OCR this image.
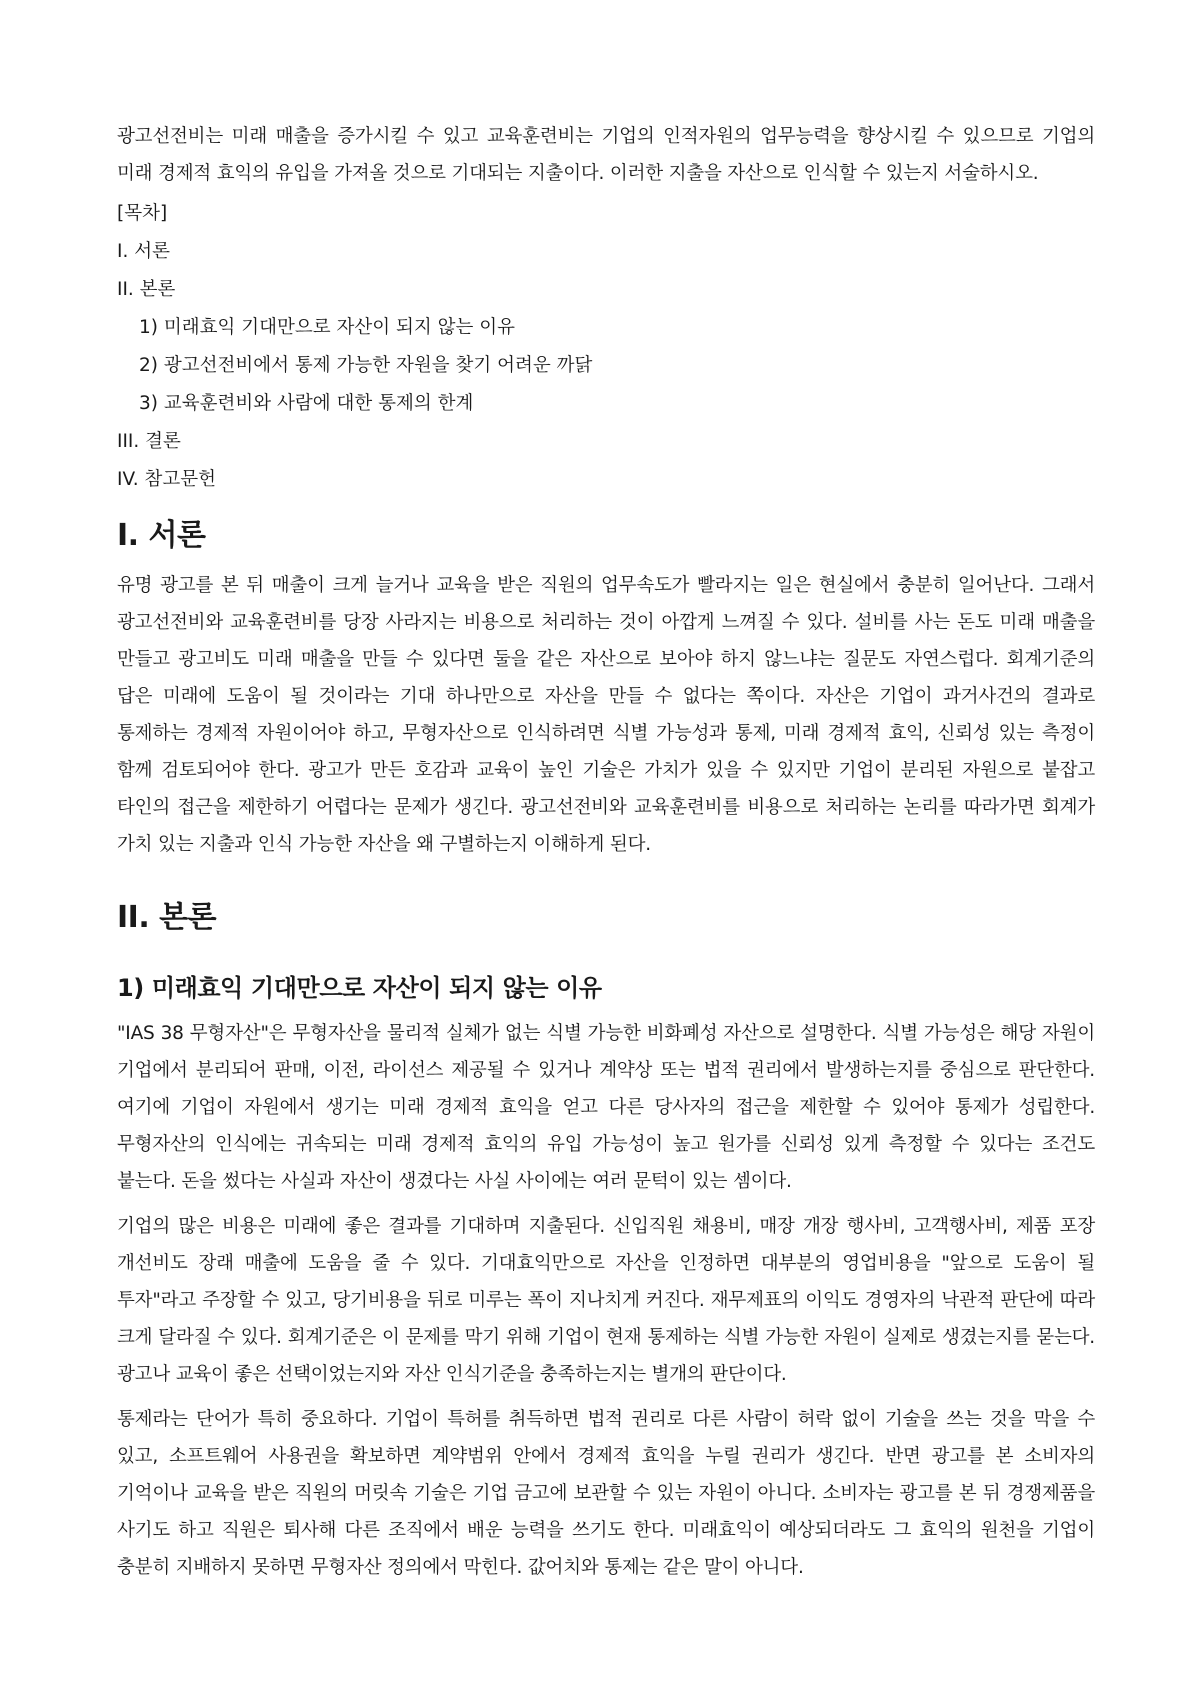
광고선전비는 미래 매출을 증가시킬 수 있고 교육훈련비는 기업의 인적자원의 업무능력을 향상시킬 수 있으므로 기업의 미래 경제적 효익의 유입을 가져올 것으로 기대되는 지출이다. 이러한 지출을 자산으로 인식할 수 있는지 서술하시오.

[목차]
I. 서론
II. 본론
1) 미래효익 기대만으로 자산이 되지 않는 이유
2) 광고선전비에서 통제 가능한 자원을 찾기 어려운 까닭
3) 교육훈련비와 사람에 대한 통제의 한계
III. 결론
IV. 참고문헌
I. 서론

유명 광고를 본 뒤 매출이 크게 늘거나 교육을 받은 직원의 업무속도가 빨라지는 일은 현실에서 충분히 일어난다. 그래서 광고선전비와 교육훈련비를 당장 사라지는 비용으로 처리하는 것이 아깝게 느껴질 수 있다. 설비를 사는 돈도 미래 매출을 만들고 광고비도 미래 매출을 만들 수 있다면 둘을 같은 자산으로 보아야 하지 않느냐는 질문도 자연스럽다. 회계기준의 답은 미래에 도움이 될 것이라는 기대 하나만으로 자산을 만들 수 없다는 쪽이다. 자산은 기업이 과거사건의 결과로 통제하는 경제적 자원이어야 하고, 무형자산으로 인식하려면 식별 가능성과 통제, 미래 경제적 효익, 신뢰성 있는 측정이 함께 검토되어야 한다. 광고가 만든 호감과 교육이 높인 기술은 가치가 있을 수 있지만 기업이 분리된 자원으로 붙잡고 타인의 접근을 제한하기 어렵다는 문제가 생긴다. 광고선전비와 교육훈련비를 비용으로 처리하는 논리를 따라가면 회계가 가치 있는 지출과 인식 가능한 자산을 왜 구별하는지 이해하게 된다.

II. 본론
1) 미래효익 기대만으로 자산이 되지 않는 이유

"IAS 38 무형자산"은 무형자산을 물리적 실체가 없는 식별 가능한 비화폐성 자산으로 설명한다. 식별 가능성은 해당 자원이 기업에서 분리되어 판매, 이전, 라이선스 제공될 수 있거나 계약상 또는 법적 권리에서 발생하는지를 중심으로 판단한다. 여기에 기업이 자원에서 생기는 미래 경제적 효익을 얻고 다른 당사자의 접근을 제한할 수 있어야 통제가 성립한다. 무형자산의 인식에는 귀속되는 미래 경제적 효익의 유입 가능성이 높고 원가를 신뢰성 있게 측정할 수 있다는 조건도 붙는다. 돈을 썼다는 사실과 자산이 생겼다는 사실 사이에는 여러 문턱이 있는 셈이다.

기업의 많은 비용은 미래에 좋은 결과를 기대하며 지출된다. 신입직원 채용비, 매장 개장 행사비, 고객행사비, 제품 포장 개선비도 장래 매출에 도움을 줄 수 있다. 기대효익만으로 자산을 인정하면 대부분의 영업비용을 "앞으로 도움이 될 투자"라고 주장할 수 있고, 당기비용을 뒤로 미루는 폭이 지나치게 커진다. 재무제표의 이익도 경영자의 낙관적 판단에 따라 크게 달라질 수 있다. 회계기준은 이 문제를 막기 위해 기업이 현재 통제하는 식별 가능한 자원이 실제로 생겼는지를 묻는다. 광고나 교육이 좋은 선택이었는지와 자산 인식기준을 충족하는지는 별개의 판단이다.

통제라는 단어가 특히 중요하다. 기업이 특허를 취득하면 법적 권리로 다른 사람이 허락 없이 기술을 쓰는 것을 막을 수 있고, 소프트웨어 사용권을 확보하면 계약범위 안에서 경제적 효익을 누릴 권리가 생긴다. 반면 광고를 본 소비자의 기억이나 교육을 받은 직원의 머릿속 기술은 기업 금고에 보관할 수 있는 자원이 아니다. 소비자는 광고를 본 뒤 경쟁제품을 사기도 하고 직원은 퇴사해 다른 조직에서 배운 능력을 쓰기도 한다. 미래효익이 예상되더라도 그 효익의 원천을 기업이 충분히 지배하지 못하면 무형자산 정의에서 막힌다. 값어치와 통제는 같은 말이 아니다.
